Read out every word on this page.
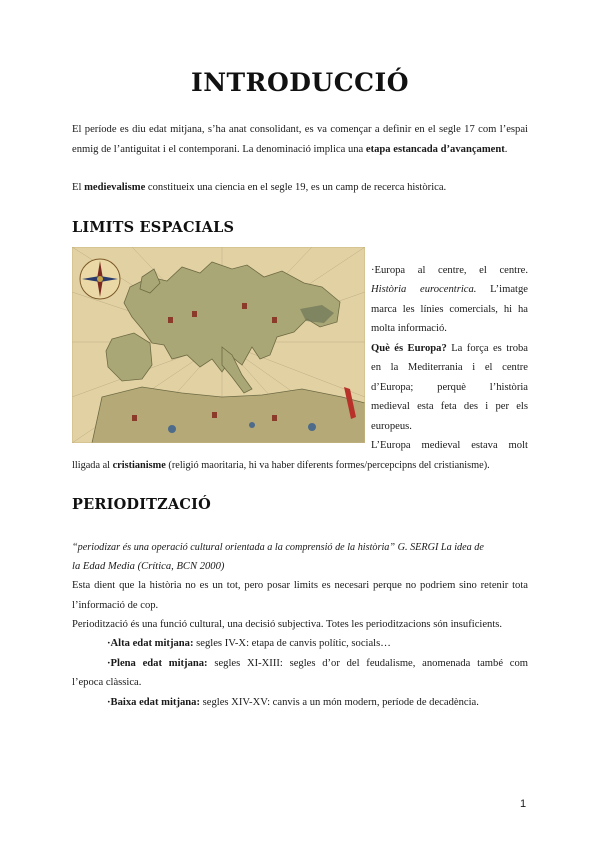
INTRODUCCIÓ

El període es diu edat mitjana, s’ha anat consolidant, es va començar a definir en el segle 17 com l’espai enmig de l’antiguitat i el contemporani. La denominació implica una etapa estancada d’avançament.

El medievalisme constitueix una ciencia en el segle 19, es un camp de recerca històrica.

LIMITS ESPACIALS

·Europa al centre, el centre.

Història eurocentrica. L’imatge

marca les línies comercials, hi ha

molta informació.

Què és Europa? La força es troba

en la Mediterrania i el centre

d’Europa; perquè l’història

medieval esta feta des i per els

europeus.

L’Europa medieval estava molt

lligada al cristianisme (religió maoritaria, hi va haber diferents formes/percepcipns del cristianisme).

PERIODITZACIÓ

“periodizar és una operació cultural orientada a la comprensió de la història” G. SERGI La idea de

la Edad Media (Crítica, BCN 2000)

Esta dient que la història no es un tot, pero posar limits es necesari perque no podriem sino retenir tota l’informació de cop.

Periodització és una funció cultural, una decisió subjectiva. Totes les perioditzacions són insuficients.

·Alta edat mitjana: segles IV-X: etapa de canvis polític, socials…

·Plena edat mitjana: segles XI-XIII: segles d’or del feudalisme, anomenada també com

l’epoca clàssica.

·Baixa edat mitjana: segles XIV-XV: canvis a un món modern, període de decadència.

1
